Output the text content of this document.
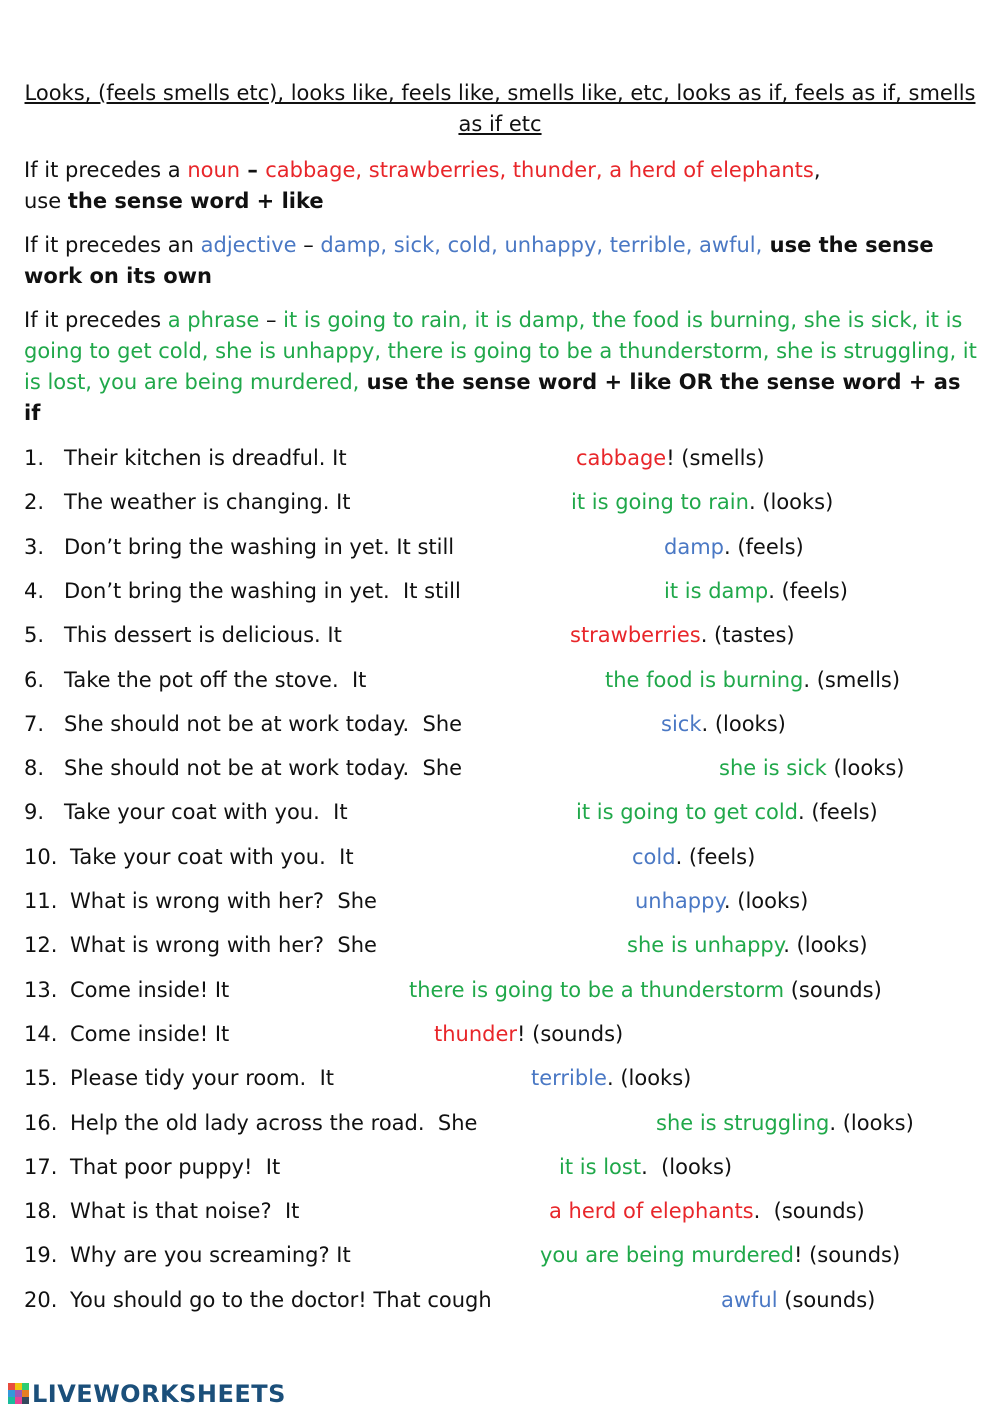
Looks, (feels smells etc), looks like, feels like, smells like, etc, looks as if, feels as if, smells as if etc
If it precedes a noun – cabbage, strawberries, thunder, a herd of elephants,
use the sense word + like
If it precedes an adjective – damp, sick, cold, unhappy, terrible, awful, use the sense work on its own
If it precedes a phrase – it is going to rain, it is damp, the food is burning, she is sick, it is going to get cold, she is unhappy, there is going to be a thunderstorm, she is struggling, it is lost, you are being murdered, use the sense word + like OR the sense word + as if
1. Their kitchen is dreadful. It	cabbage! (smells)
2. The weather is changing. It	it is going to rain. (looks)
3. Don’t bring the washing in yet. It still	damp. (feels)
4. Don’t bring the washing in yet.  It still	it is damp. (feels)
5. This dessert is delicious. It	strawberries. (tastes)
6. Take the pot off the stove.  It	the food is burning. (smells)
7. She should not be at work today.  She	sick. (looks)
8. She should not be at work today.  She	she is sick (looks)
9. Take your coat with you.  It	it is going to get cold. (feels)
10. Take your coat with you.  It	cold. (feels)
11. What is wrong with her?  She	unhappy. (looks)
12. What is wrong with her?  She	she is unhappy. (looks)
13. Come inside! It	there is going to be a thunderstorm (sounds)
14. Come inside! It	thunder! (sounds)
15. Please tidy your room.  It	terrible. (looks)
16. Help the old lady across the road.  She	she is struggling. (looks)
17. That poor puppy!  It	it is lost.  (looks)
18. What is that noise?  It	a herd of elephants.  (sounds)
19. Why are you screaming? It	you are being murdered! (sounds)
20. You should go to the doctor! That cough	awful (sounds)
LIVEWORKSHEETS
